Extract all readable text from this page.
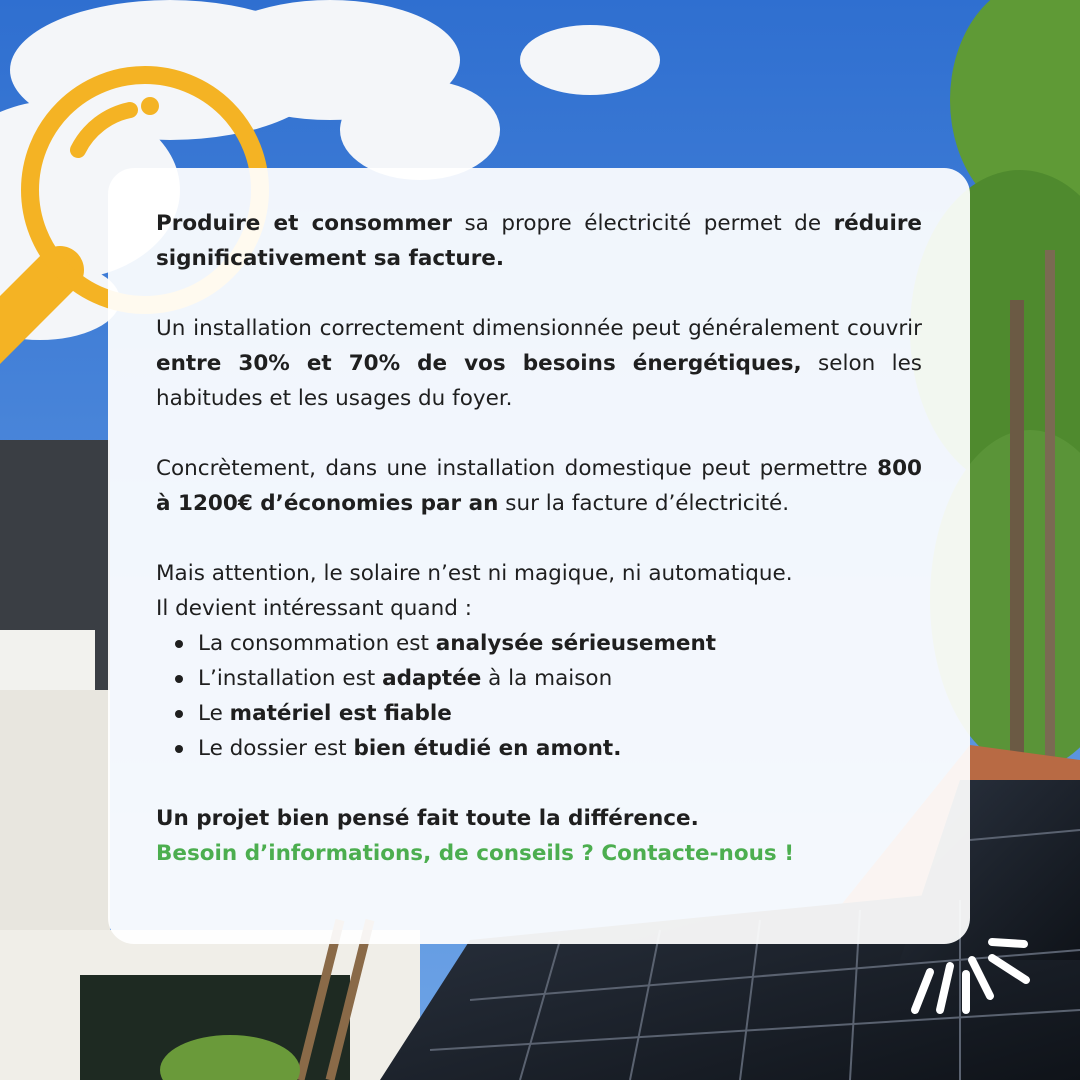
Produire et consommer sa propre électricité permet de réduire significativement sa facture.

Un installation correctement dimensionnée peut généralement couvrir entre 30% et 70% de vos besoins énergétiques, selon les habitudes et les usages du foyer.

Concrètement, dans une installation domestique peut permettre 800 à 1200€ d’économies par an sur la facture d’électricité.

Mais attention, le solaire n’est ni magique, ni automatique.

Il devient intéressant quand :

La consommation est analysée sérieusement
L’installation est adaptée à la maison
Le matériel est fiable
Le dossier est bien étudié en amont.

Un projet bien pensé fait toute la différence.

Besoin d’informations, de conseils ? Contacte-nous !
